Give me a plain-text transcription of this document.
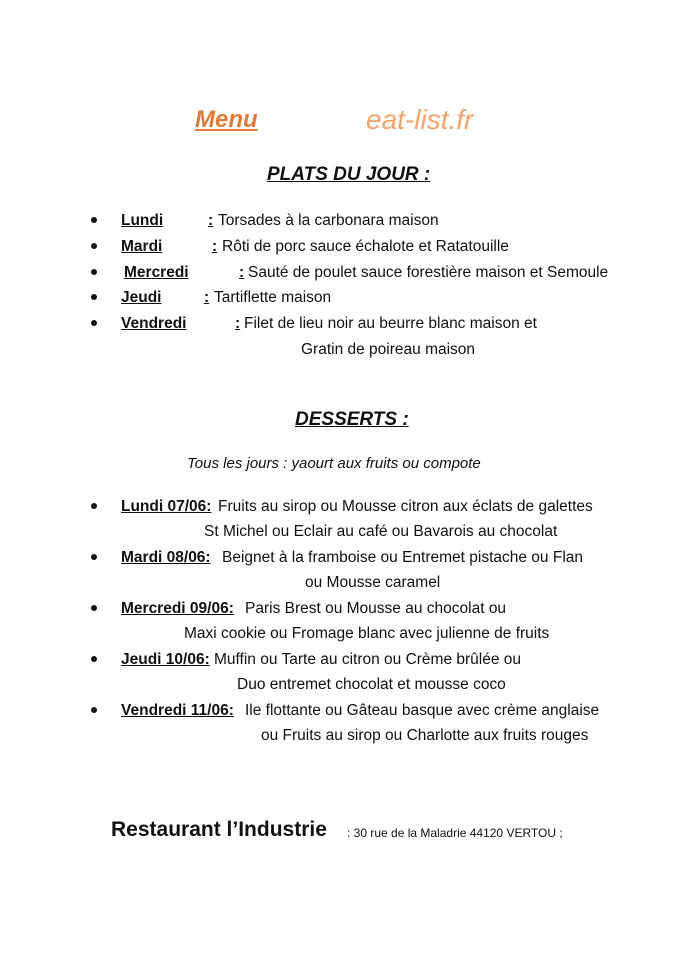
Menu	eat-list.fr
PLATS DU JOUR :
Lundi	: Torsades à la carbonara maison
Mardi	: Rôti de porc sauce échalote et Ratatouille
Mercredi	: Sauté de poulet sauce forestière maison et Semoule
Jeudi	: Tartiflette maison
Vendredi	: Filet de lieu noir au beurre blanc maison et
Gratin de poireau maison
DESSERTS :
Tous les jours : yaourt aux fruits ou compote
Lundi 07/06: Fruits au sirop ou Mousse citron aux éclats de galettes
St Michel ou Eclair au café ou Bavarois au chocolat
Mardi 08/06: Beignet à la framboise ou Entremet pistache ou Flan
ou Mousse caramel
Mercredi 09/06: Paris Brest ou Mousse au chocolat ou
Maxi cookie ou Fromage blanc avec julienne de fruits
Jeudi 10/06: Muffin ou Tarte au citron ou Crème brûlée ou
Duo entremet chocolat et mousse coco
Vendredi 11/06: Ile flottante ou Gâteau basque avec crème anglaise
ou Fruits au sirop ou Charlotte aux fruits rouges
Restaurant l’Industrie : 30 rue de la Maladrie 44120 VERTOU ;
